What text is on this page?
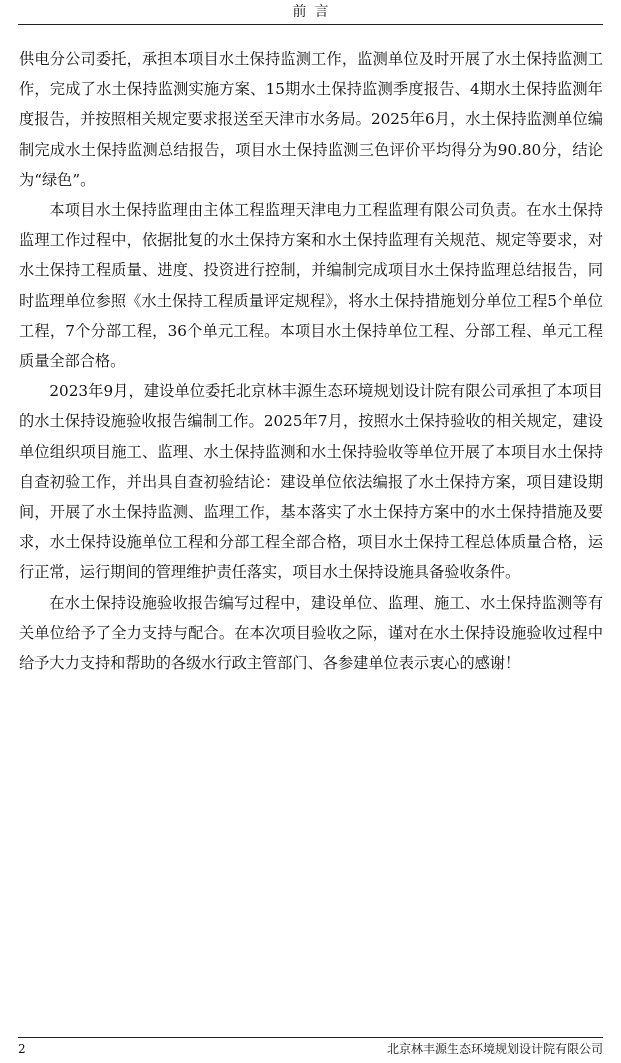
前言

供电分公司委托，承担本项目水土保持监测工作，监测单位及时开展了水土保持监测工作，完成了水土保持监测实施方案、15期水土保持监测季度报告、4期水土保持监测年度报告，并按照相关规定要求报送至天津市水务局。2025年6月，水土保持监测单位编制完成水土保持监测总结报告，项目水土保持监测三色评价平均得分为90.80分，结论为“绿色”。

本项目水土保持监理由主体工程监理天津电力工程监理有限公司负责。在水土保持监理工作过程中，依据批复的水土保持方案和水土保持监理有关规范、规定等要求，对水土保持工程质量、进度、投资进行控制，并编制完成项目水土保持监理总结报告，同时监理单位参照《水土保持工程质量评定规程》，将水土保持措施划分单位工程5个单位工程，7个分部工程，36个单元工程。本项目水土保持单位工程、分部工程、单元工程质量全部合格。

2023年9月，建设单位委托北京林丰源生态环境规划设计院有限公司承担了本项目的水土保持设施验收报告编制工作。2025年7月，按照水土保持验收的相关规定，建设单位组织项目施工、监理、水土保持监测和水土保持验收等单位开展了本项目水土保持自查初验工作，并出具自查初验结论：建设单位依法编报了水土保持方案，项目建设期间，开展了水土保持监测、监理工作，基本落实了水土保持方案中的水土保持措施及要求，水土保持设施单位工程和分部工程全部合格，项目水土保持工程总体质量合格，运行正常，运行期间的管理维护责任落实，项目水土保持设施具备验收条件。

在水土保持设施验收报告编写过程中，建设单位、监理、施工、水土保持监测等有关单位给予了全力支持与配合。在本次项目验收之际，谨对在水土保持设施验收过程中给予大力支持和帮助的各级水行政主管部门、各参建单位表示衷心的感谢！

2	北京林丰源生态环境规划设计院有限公司
